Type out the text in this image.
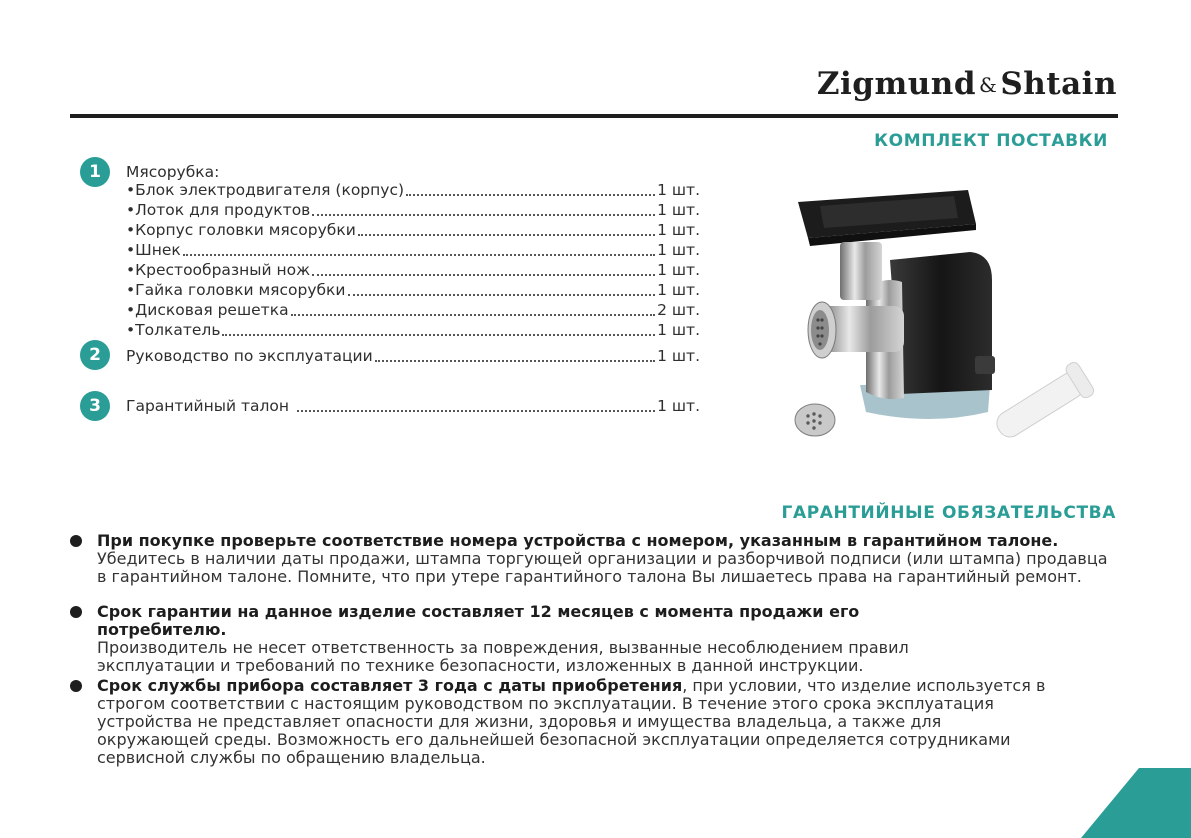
Zigmund &Shtain
КОМПЛЕКТ ПОСТАВКИ
1	Мясорубка:
•Блок электродвигателя (корпус)	1 шт.
•Лоток для продуктов	1 шт.
•Корпус головки мясорубки	1 шт.
•Шнек	1 шт.
•Крестообразный нож	1 шт.
•Гайка головки мясорубки	1 шт.
•Дисковая решетка	2 шт.
•Толкатель	1 шт.
2	Руководство по эксплуатации	1 шт.
3	Гарантийный талон	1 шт.
ГАРАНТИЙНЫЕ ОБЯЗАТЕЛЬСТВА
При покупке проверьте соответствие номера устройства с номером, указанным в гарантийном талоне. Убедитесь в наличии даты продажи, штампа торгующей организации и разборчивой подписи (или штампа) продавца в гарантийном талоне. Помните, что при утере гарантийного талона Вы лишаетесь права на гарантийный ремонт.
Срок гарантии на данное изделие составляет 12 месяцев с момента продажи его потребителю.
Производитель не несет ответственность за повреждения, вызванные несоблюдением правил эксплуатации и требований по технике безопасности, изложенных в данной инструкции.
Срок службы прибора составляет 3 года с даты приобретения, при условии, что изделие используется в строгом соответствии с настоящим руководством по эксплуатации. В течение этого срока эксплуатация устройства не представляет опасности для жизни, здоровья и имущества владельца, а также для окружающей среды. Возможность его дальнейшей безопасной эксплуатации определяется сотрудниками сервисной службы по обращению владельца.
